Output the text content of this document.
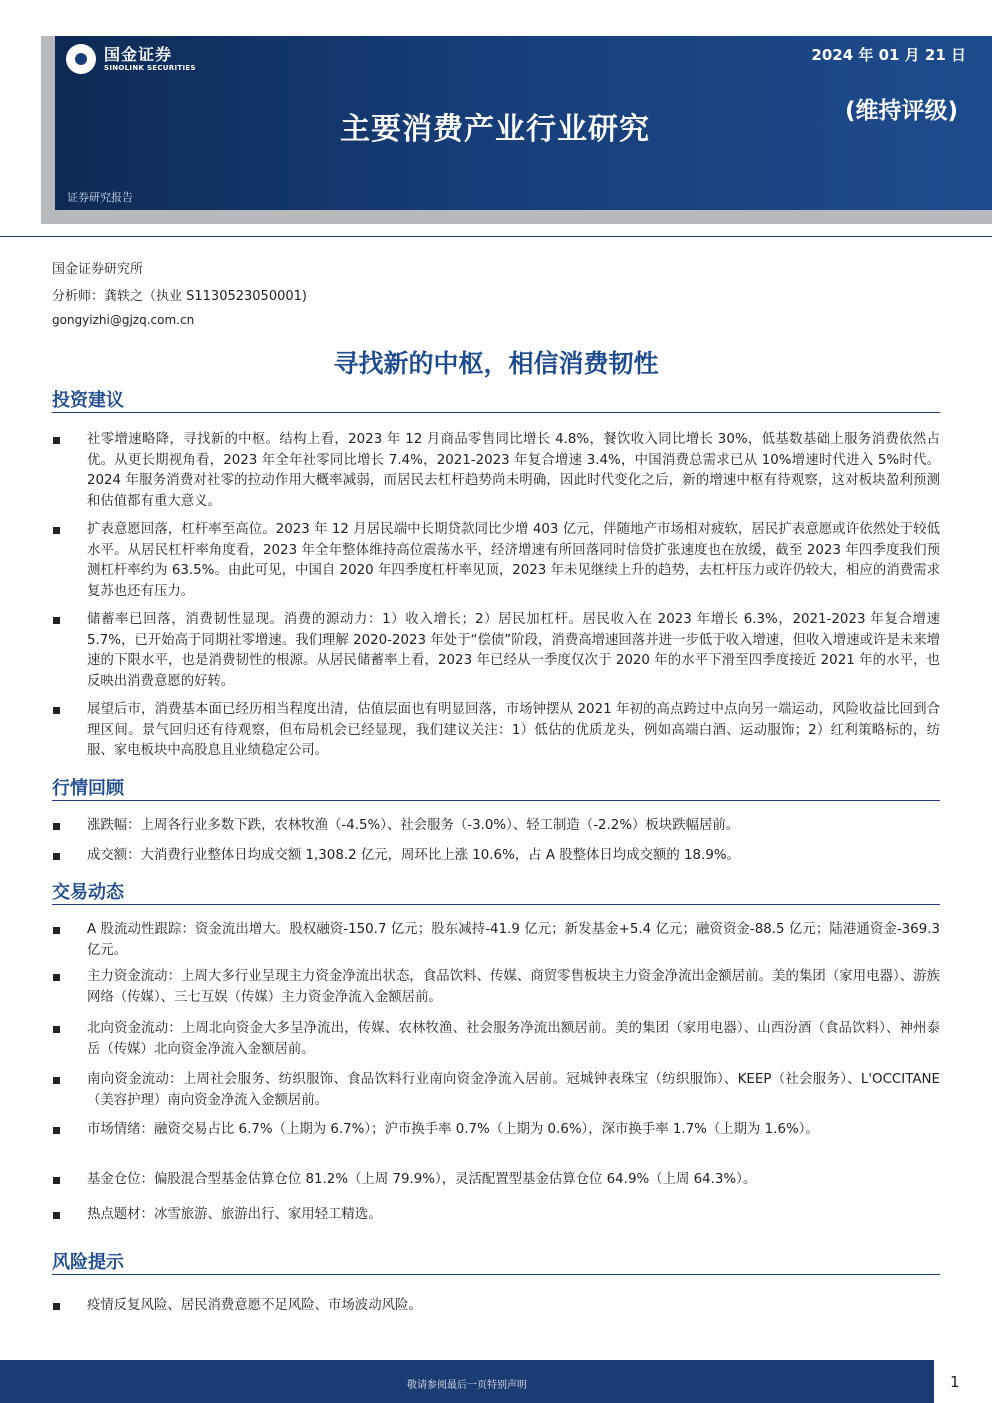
国金证券
SINOLINK SECURITIES
2024 年 01 月 21 日
主要消费产业行业研究
(维持评级)
证券研究报告
国金证券研究所
分析师：龚轶之（执业 S1130523050001)
gongyizhi@gjzq.com.cn
寻找新的中枢，相信消费韧性
投资建议
社零增速略降，寻找新的中枢。结构上看，2023 年 12 月商品零售同比增长 4.8%，餐饮收入同比增长 30%，低基数基础上服务消费依然占优。从更长期视角看，2023 年全年社零同比增长 7.4%，2021-2023 年复合增速 3.4%，中国消费总需求已从 10%增速时代进入 5%时代。2024 年服务消费对社零的拉动作用大概率减弱，而居民去杠杆趋势尚未明确，因此时代变化之后，新的增速中枢有待观察，这对板块盈利预测和估值都有重大意义。
扩表意愿回落，杠杆率至高位。2023 年 12 月居民端中长期贷款同比少增 403 亿元，伴随地产市场相对疲软，居民扩表意愿或许依然处于较低水平。从居民杠杆率角度看，2023 年全年整体维持高位震荡水平，经济增速有所回落同时信贷扩张速度也在放缓，截至 2023 年四季度我们预测杠杆率约为 63.5%。由此可见，中国自 2020 年四季度杠杆率见顶，2023 年未见继续上升的趋势，去杠杆压力或许仍较大，相应的消费需求复苏也还有压力。
储蓄率已回落，消费韧性显现。消费的源动力：1）收入增长；2）居民加杠杆。居民收入在 2023 年增长 6.3%，2021-2023 年复合增速 5.7%，已开始高于同期社零增速。我们理解 2020-2023 年处于“偿债”阶段，消费高增速回落并进一步低于收入增速，但收入增速或许是未来增速的下限水平，也是消费韧性的根源。从居民储蓄率上看，2023 年已经从一季度仅次于 2020 年的水平下滑至四季度接近 2021 年的水平，也反映出消费意愿的好转。
展望后市，消费基本面已经历相当程度出清，估值层面也有明显回落，市场钟摆从 2021 年初的高点跨过中点向另一端运动，风险收益比回到合理区间。景气回归还有待观察，但布局机会已经显现，我们建议关注：1）低估的优质龙头，例如高端白酒、运动服饰；2）红利策略标的，纺服、家电板块中高股息且业绩稳定公司。
行情回顾
涨跌幅：上周各行业多数下跌，农林牧渔（-4.5%）、社会服务（-3.0%）、轻工制造（-2.2%）板块跌幅居前。
成交额：大消费行业整体日均成交额 1,308.2 亿元，周环比上涨 10.6%，占 A 股整体日均成交额的 18.9%。
交易动态
A 股流动性跟踪：资金流出增大。股权融资-150.7 亿元；股东减持-41.9 亿元；新发基金+5.4 亿元；融资资金-88.5 亿元；陆港通资金-369.3 亿元。
主力资金流动：上周大多行业呈现主力资金净流出状态，食品饮料、传媒、商贸零售板块主力资金净流出金额居前。美的集团（家用电器）、游族网络（传媒）、三七互娱（传媒）主力资金净流入金额居前。
北向资金流动：上周北向资金大多呈净流出，传媒、农林牧渔、社会服务净流出额居前。美的集团（家用电器）、山西汾酒（食品饮料）、神州泰岳（传媒）北向资金净流入金额居前。
南向资金流动：上周社会服务、纺织服饰、食品饮料行业南向资金净流入居前。冠城钟表珠宝（纺织服饰）、KEEP（社会服务）、L'OCCITANE（美容护理）南向资金净流入金额居前。
市场情绪：融资交易占比 6.7%（上期为 6.7%）；沪市换手率 0.7%（上期为 0.6%），深市换手率 1.7%（上期为 1.6%）。
基金仓位：偏股混合型基金估算仓位 81.2%（上周 79.9%），灵活配置型基金估算仓位 64.9%（上周 64.3%）。
热点题材：冰雪旅游、旅游出行、家用轻工精选。
风险提示
疫情反复风险、居民消费意愿不足风险、市场波动风险。
敬请参阅最后一页特别声明	1
